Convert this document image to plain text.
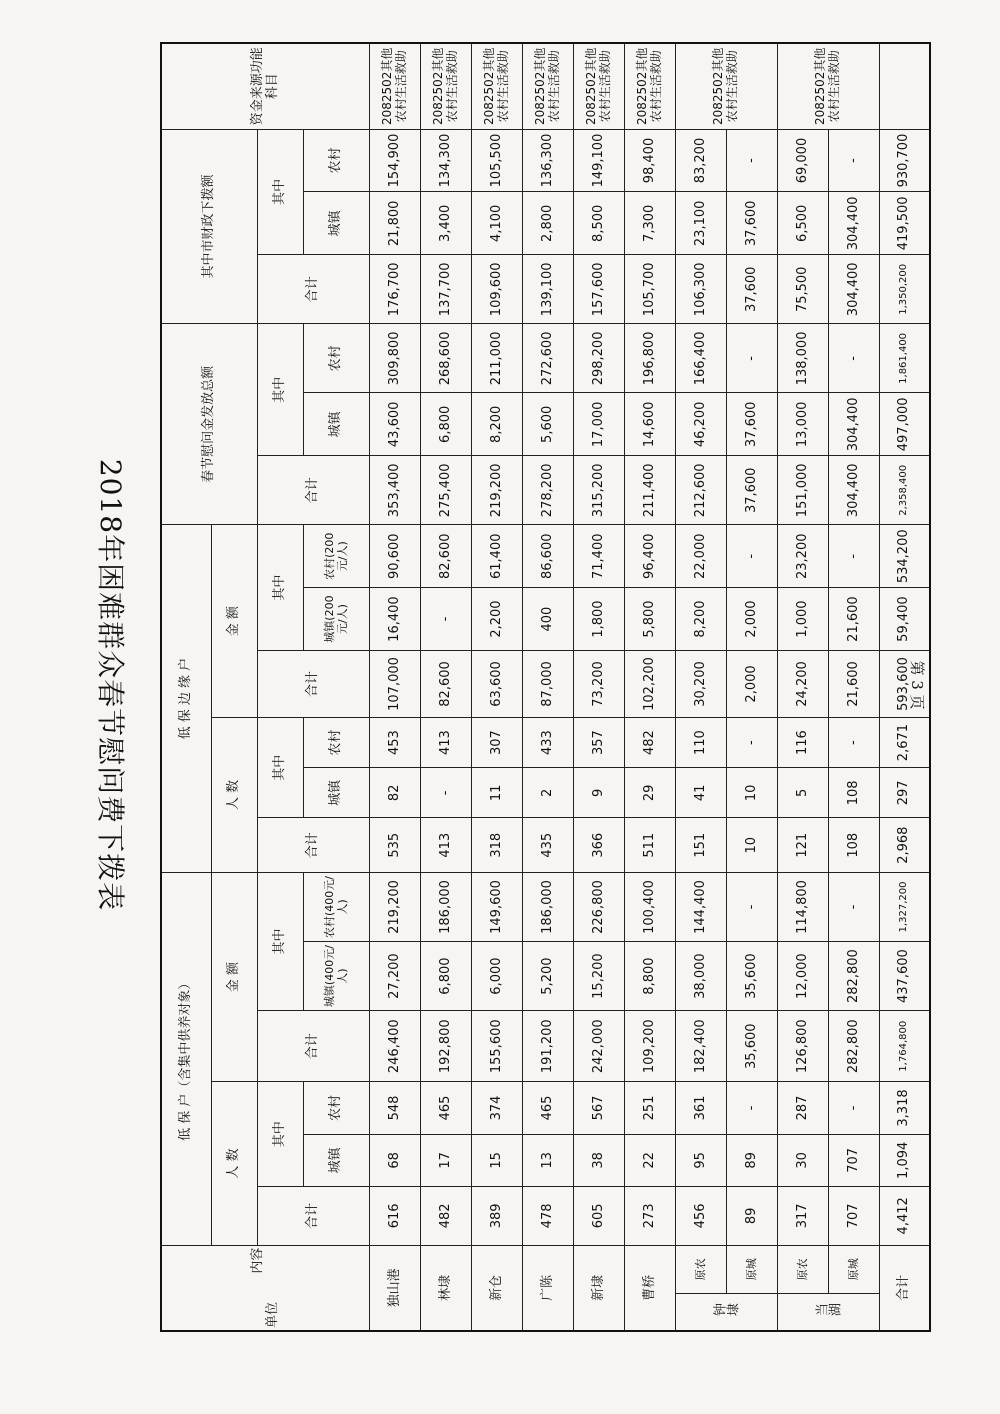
第 3 页
2018年困难群众春节慰问费下拨表
内容
单位		低 保 户（含集中供养对象）						低 保 边 缘 户						春节慰问金发放总额			其中市财政下拨额			资金来源功能科目
		人 数			金 额			人 数			金 额									
		合计	其中		合计	其中		合计	其中		合计	其中		合计	其中		合计	其中		
			城镇	农村		城镇(400元/人)	农村(400元/人)		城镇	农村		城镇(200元/人)	农村(200元/人)		城镇	农村		城镇	农村	
独山港		616	68	548	246,400	27,200	219,200	535	82	453	107,000	16,400	90,600	353,400	43,600	309,800	176,700	21,800	154,900	2082502其他农村生活救助
林埭		482	17	465	192,800	6,800	186,000	413	-	413	82,600	-	82,600	275,400	6,800	268,600	137,700	3,400	134,300	2082502其他农村生活救助
新仓		389	15	374	155,600	6,000	149,600	318	11	307	63,600	2,200	61,400	219,200	8,200	211,000	109,600	4,100	105,500	2082502其他农村生活救助
广陈		478	13	465	191,200	5,200	186,000	435	2	433	87,000	400	86,600	278,200	5,600	272,600	139,100	2,800	136,300	2082502其他农村生活救助
新埭		605	38	567	242,000	15,200	226,800	366	9	357	73,200	1,800	71,400	315,200	17,000	298,200	157,600	8,500	149,100	2082502其他农村生活救助
曹桥		273	22	251	109,200	8,800	100,400	511	29	482	102,200	5,800	96,400	211,400	14,600	196,800	105,700	7,300	98,400	2082502其他农村生活救助
钟埭	原农	456	95	361	182,400	38,000	144,400	151	41	110	30,200	8,200	22,000	212,600	46,200	166,400	106,300	23,100	83,200	2082502其他农村生活救助
	原城	89	89	-	35,600	35,600	-	10	10	-	2,000	2,000	-	37,600	37,600	-	37,600	37,600	-	
当湖	原农	317	30	287	126,800	12,000	114,800	121	5	116	24,200	1,000	23,200	151,000	13,000	138,000	75,500	6,500	69,000	2082502其他农村生活救助
	原城	707	707	-	282,800	282,800	-	108	108	-	21,600	21,600	-	304,400	304,400	-	304,400	304,400	-	
合计		4,412	1,094	3,318	1,764,800	437,600	1,327,200	2,968	297	2,671	593,600	59,400	534,200	2,358,400	497,000	1,861,400	1,350,200	419,500	930,700	
